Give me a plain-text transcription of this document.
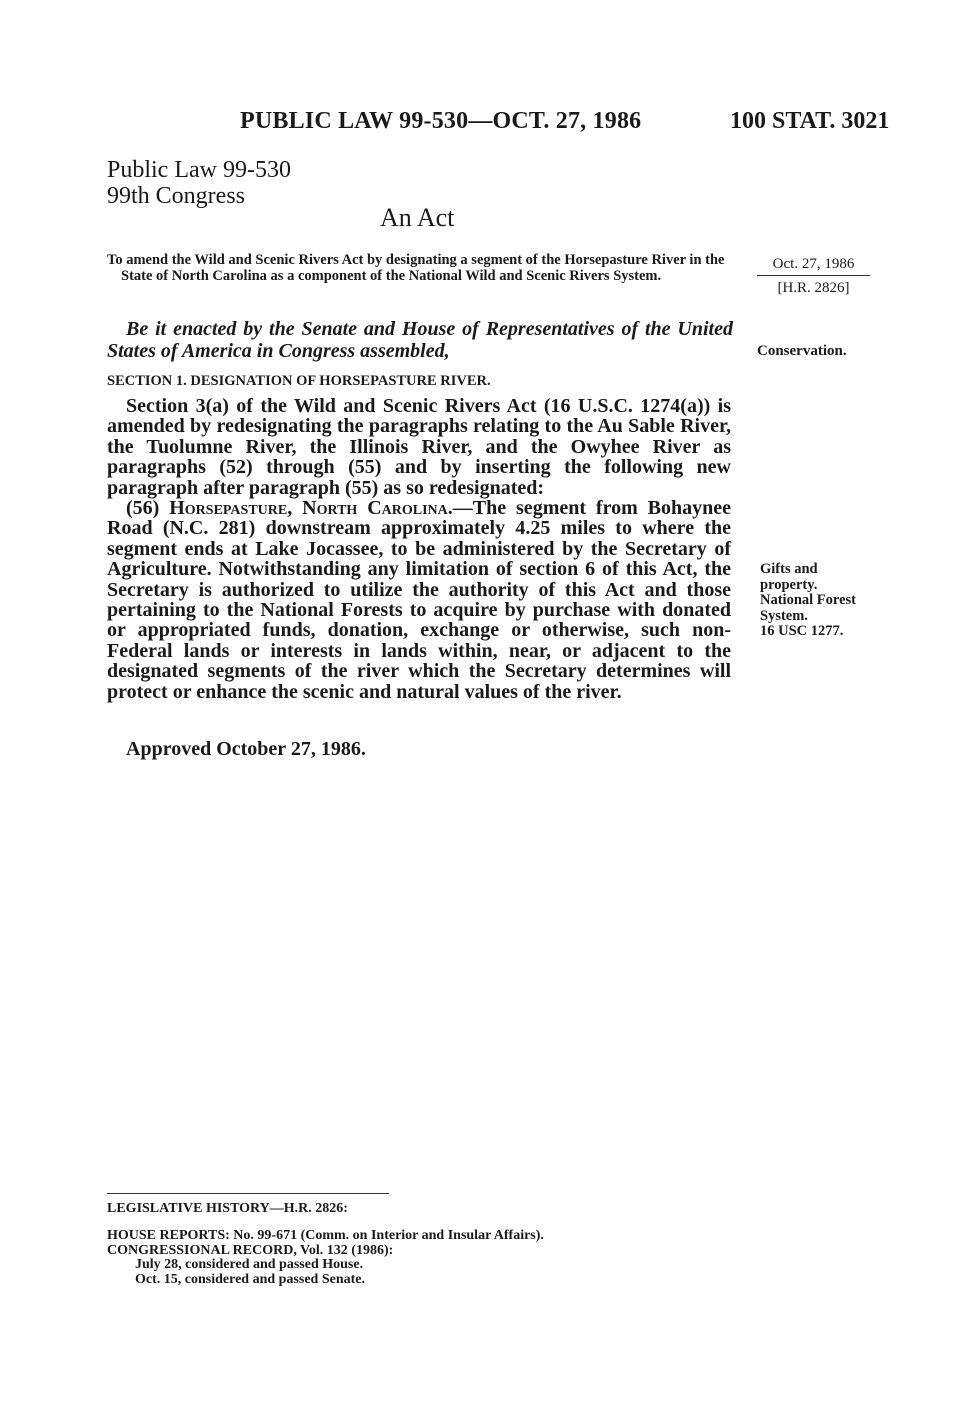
PUBLIC LAW 99-530—OCT. 27, 1986	100 STAT. 3021
Public Law 99-530
99th Congress
An Act
To amend the Wild and Scenic Rivers Act by designating a segment of the Horsepasture River in the State of North Carolina as a component of the National Wild and Scenic Rivers System.
Be it enacted by the Senate and House of Representatives of the United States of America in Congress assembled,
SECTION 1. DESIGNATION OF HORSEPASTURE RIVER.

Section 3(a) of the Wild and Scenic Rivers Act (16 U.S.C. 1274(a)) is amended by redesignating the paragraphs relating to the Au Sable River, the Tuolumne River, the Illinois River, and the Owyhee River as paragraphs (52) through (55) and by inserting the following new paragraph after paragraph (55) as so redesignated:

(56) Horsepasture, North Carolina.—The segment from Bohaynee Road (N.C. 281) downstream approximately 4.25 miles to where the segment ends at Lake Jocassee, to be administered by the Secretary of Agriculture. Notwithstanding any limitation of section 6 of this Act, the Secretary is authorized to utilize the authority of this Act and those pertaining to the National Forests to acquire by purchase with donated or appropriated funds, donation, exchange or otherwise, such non-Federal lands or interests in lands within, near, or adjacent to the designated segments of the river which the Secretary determines will protect or enhance the scenic and natural values of the river.

Approved October 27, 1986.
Oct. 27, 1986
[H.R. 2826]
Conservation.
Gifts and
property.
National Forest
System.
16 USC 1277.
LEGISLATIVE HISTORY—H.R. 2826:
HOUSE REPORTS: No. 99-671 (Comm. on Interior and Insular Affairs).
CONGRESSIONAL RECORD, Vol. 132 (1986):
July 28, considered and passed House.
Oct. 15, considered and passed Senate.
